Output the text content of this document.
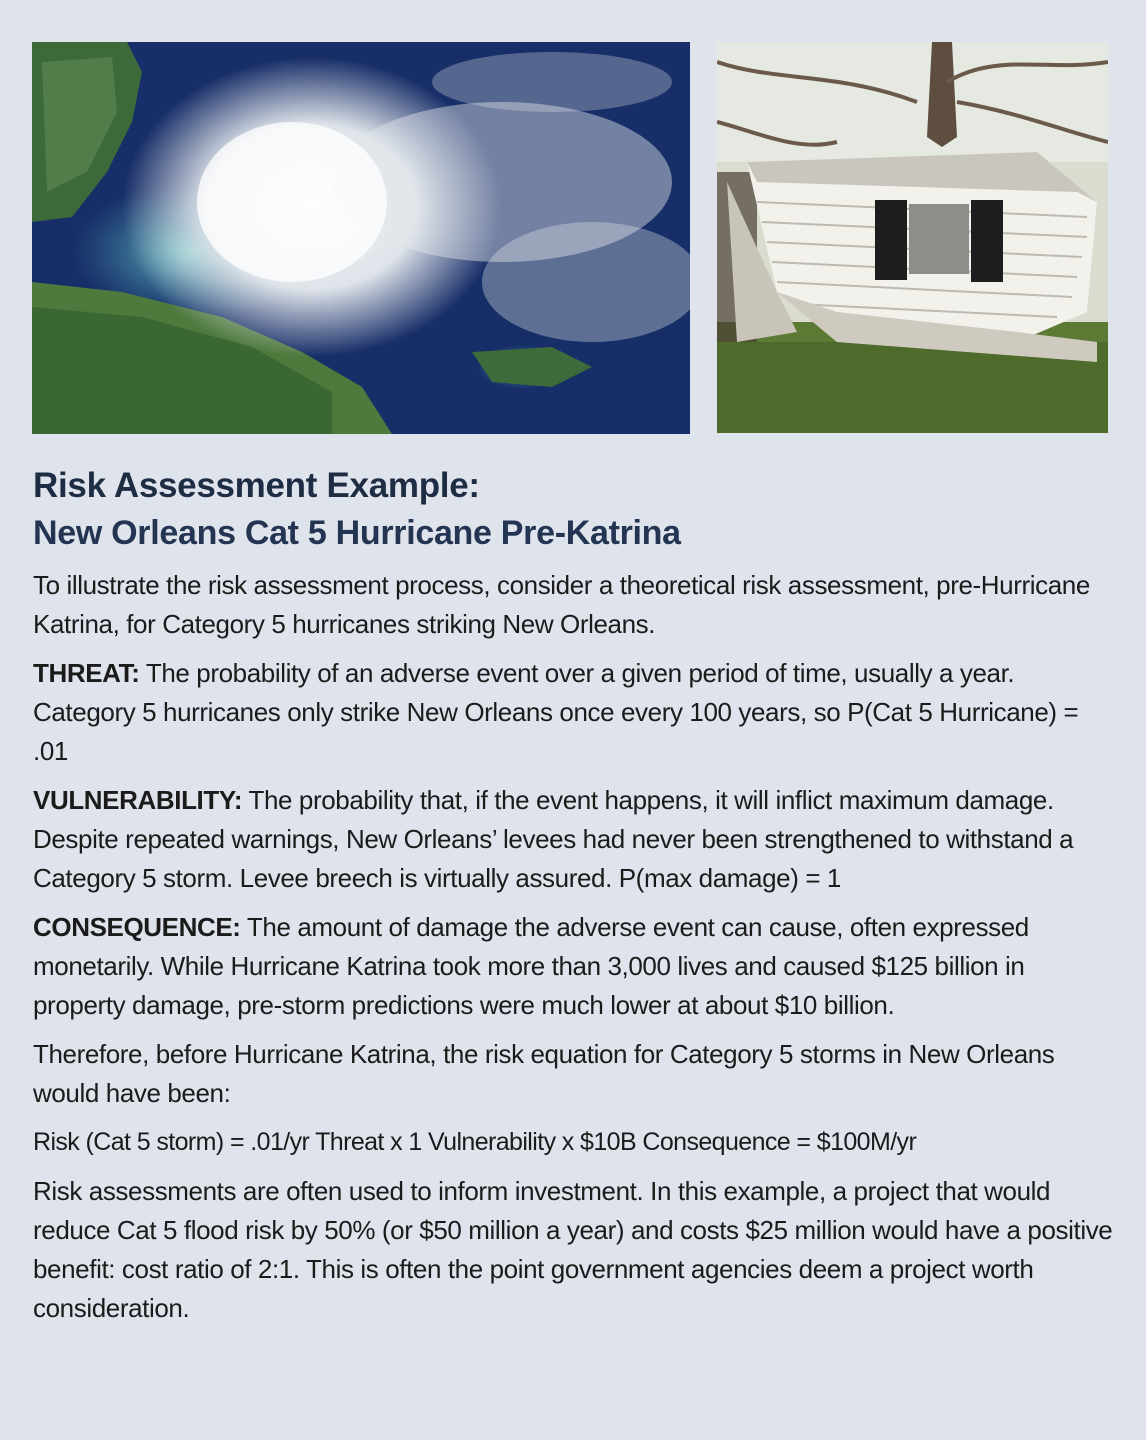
Risk Assessment Example:
New Orleans Cat 5 Hurricane Pre-Katrina

To illustrate the risk assessment process, consider a theoretical risk assessment, pre-Hurricane Katrina, for Category 5 hurricanes striking New Orleans.

THREAT: The probability of an adverse event over a given period of time, usually a year. Category 5 hurricanes only strike New Orleans once every 100 years, so P(Cat 5 Hurricane) = .01

VULNERABILITY: The probability that, if the event happens, it will inflict maximum damage. Despite repeated warnings, New Orleans’ levees had never been strengthened to withstand a Category 5 storm. Levee breech is virtually assured. P(max damage) = 1

CONSEQUENCE: The amount of damage the adverse event can cause, often expressed monetarily. While Hurricane Katrina took more than 3,000 lives and caused $125 billion in property damage, pre-storm predictions were much lower at about $10 billion.

Therefore, before Hurricane Katrina, the risk equation for Category 5 storms in New Orleans would have been:

Risk (Cat 5 storm) = .01/yr Threat x 1 Vulnerability x $10B Consequence = $100M/yr

Risk assessments are often used to inform investment. In this example, a project that would reduce Cat 5 flood risk by 50% (or $50 million a year) and costs $25 million would have a positive benefit: cost ratio of 2:1. This is often the point government agencies deem a project worth consideration.
